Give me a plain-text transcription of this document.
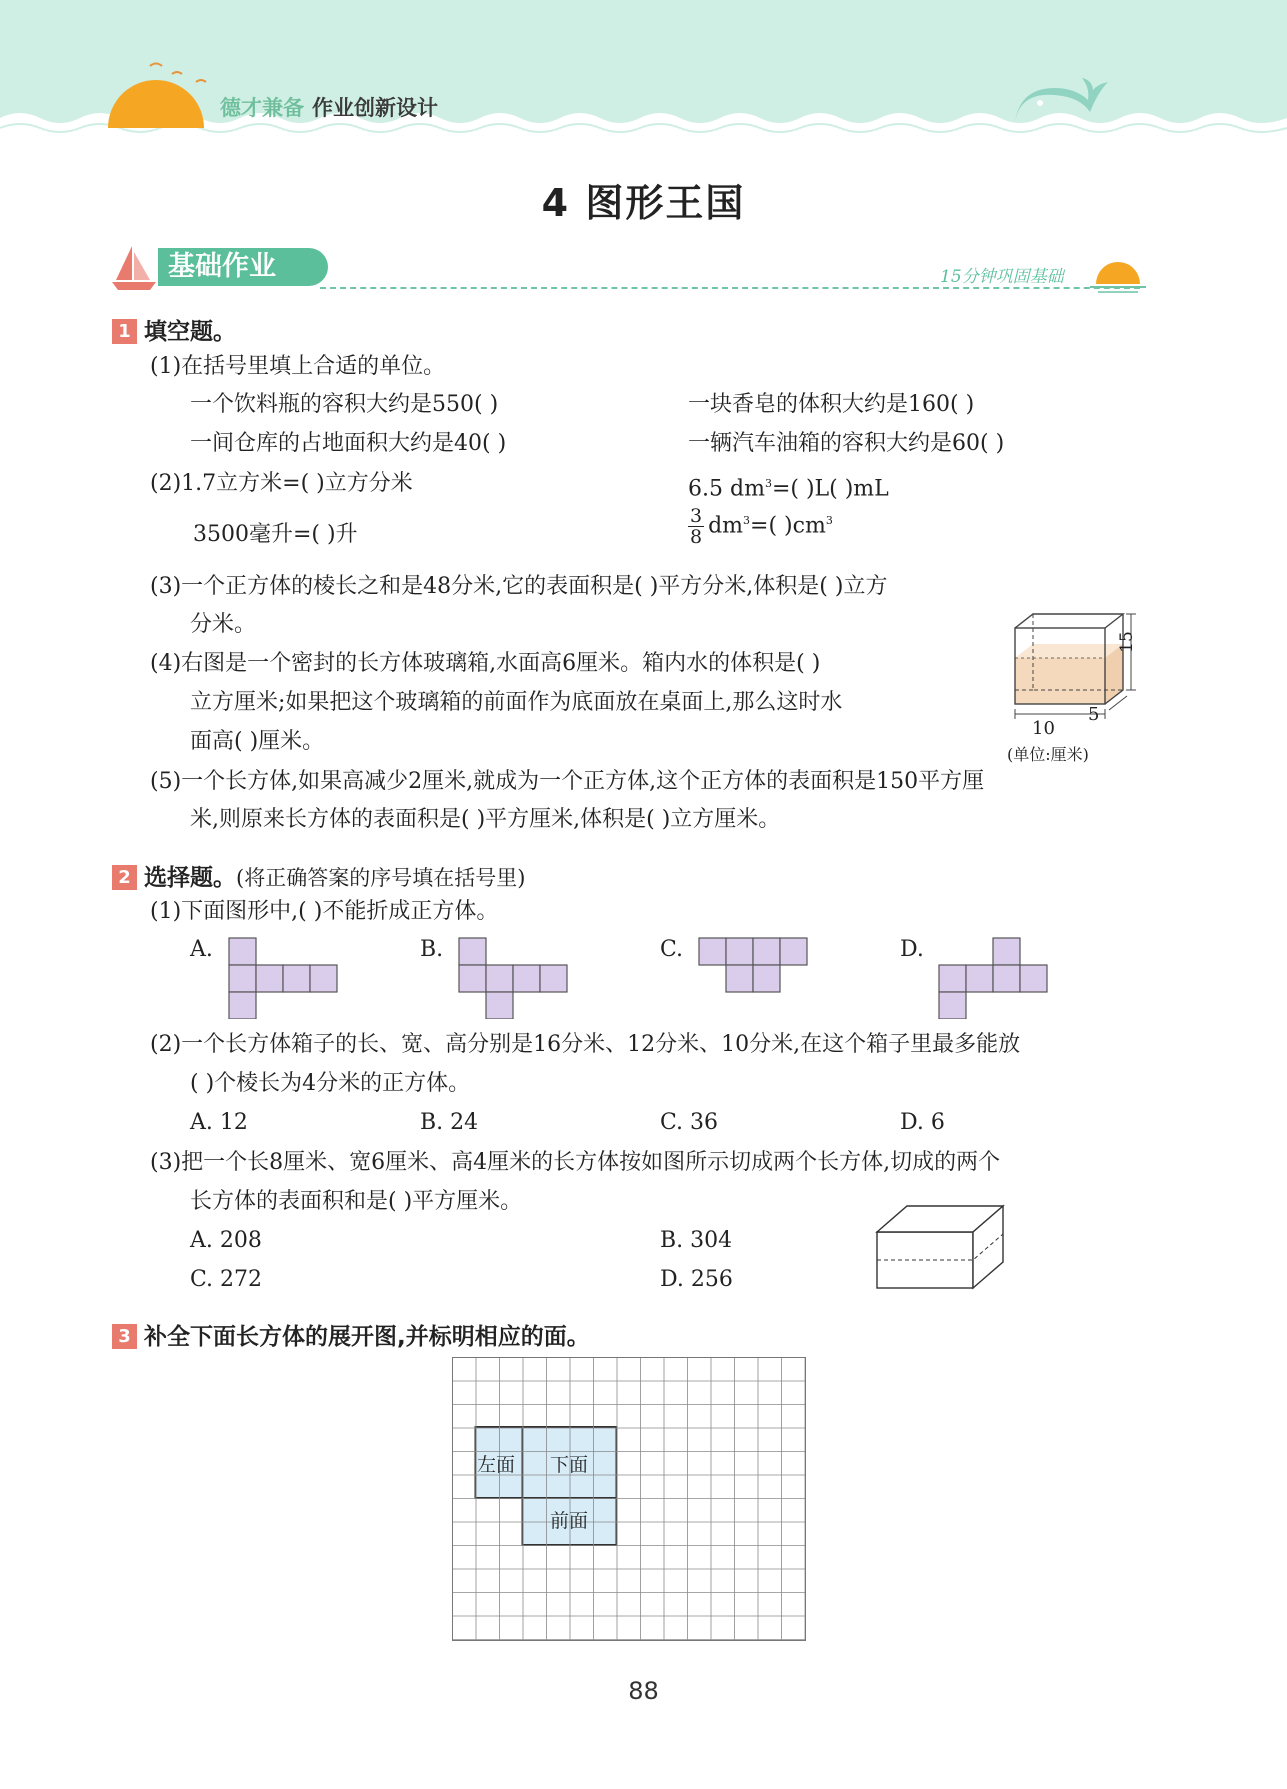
德才兼备 作业创新设计
4 图形王国
基础作业	15分钟巩固基础
1 填空题。
(1)在括号里填上合适的单位。
一个饮料瓶的容积大约是550( )	一块香皂的体积大约是160( )
一间仓库的占地面积大约是40( )	一辆汽车油箱的容积大约是60( )
(2)1.7立方米=( )立方分米	6.5 $dm^3=$( )L( )mL
3500毫升=( )升	$\frac{3}{8} dm^3=$( )$cm^3$
(3)一个正方体的棱长之和是48分米,它的表面积是( )平方分米,体积是( )立方
分米。
(4)右图是一个密封的长方体玻璃箱,水面高6厘米。箱内水的体积是( )
立方厘米;如果把这个玻璃箱的前面作为底面放在桌面上,那么这时水
面高( )厘米。
15
10
5
(单位:厘米)
(5)一个长方体,如果高减少2厘米,就成为一个正方体,这个正方体的表面积是150平方厘
米,则原来长方体的表面积是( )平方厘米,体积是( )立方厘米。
2 选择题。(将正确答案的序号填在括号里)
(1)下面图形中,( )不能折成正方体。
A.	B.	C.	D.
(2)一个长方体箱子的长、宽、高分别是16分米、12分米、10分米,在这个箱子里最多能放
( )个棱长为4分米的正方体。
A. 12	B. 24	C. 36	D. 6
(3)把一个长8厘米、宽6厘米、高4厘米的长方体按如图所示切成两个长方体,切成的两个
长方体的表面积和是( )平方厘米。
A. 208	B. 304
C. 272	D. 256
3 补全下面长方体的展开图,并标明相应的面。
左面 下面
前面
88
